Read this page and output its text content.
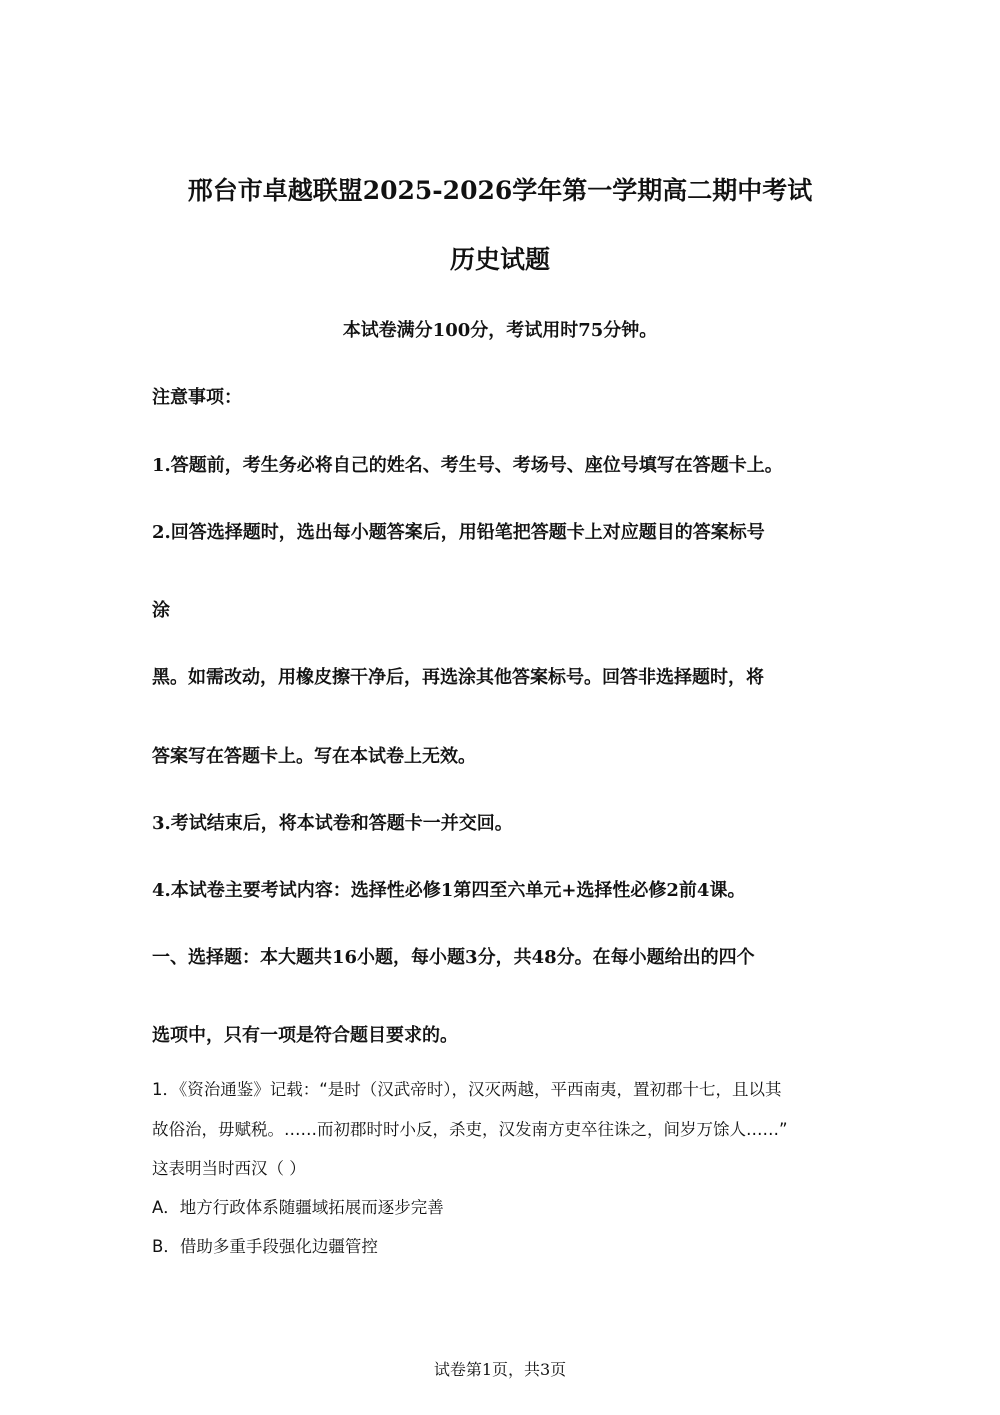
邢台市卓越联盟2025-2026学年第一学期高二期中考试
历史试题
本试卷满分100分，考试用时75分钟。
注意事项：
1.答题前，考生务必将自己的姓名、考生号、考场号、座位号填写在答题卡上。
2.回答选择题时，选出每小题答案后，用铅笔把答题卡上对应题目的答案标号
涂
黑。如需改动，用橡皮擦干净后，再选涂其他答案标号。回答非选择题时，将
答案写在答题卡上。写在本试卷上无效。
3.考试结束后，将本试卷和答题卡一并交回。
4.本试卷主要考试内容：选择性必修1第四至六单元+选择性必修2前4课。
一、选择题：本大题共16小题，每小题3分，共48分。在每小题给出的四个
选项中，只有一项是符合题目要求的。
1．《资治通鉴》记载：“是时（汉武帝时），汉灭两越，平西南夷，置初郡十七，且以其
故俗治，毋赋税。……而初郡时时小反，杀吏，汉发南方吏卒往诛之，间岁万馀人……”
这表明当时西汉（ ）
A．地方行政体系随疆域拓展而逐步完善
B．借助多重手段强化边疆管控
试卷第1页，共3页
